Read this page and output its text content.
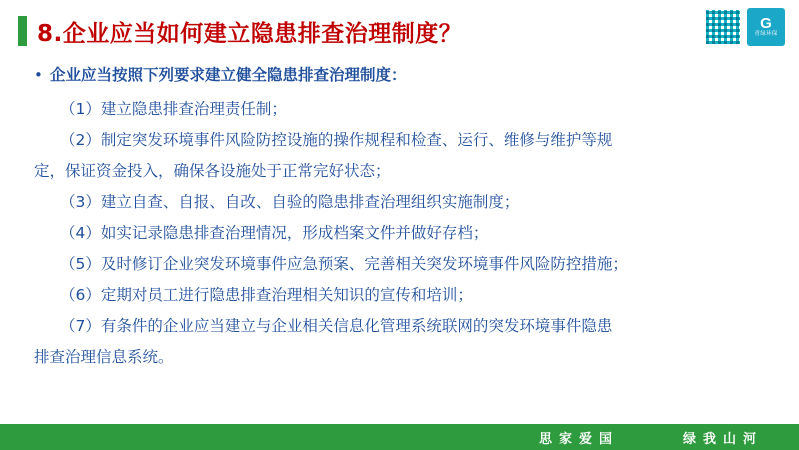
8.企业应当如何建立隐患排查治理制度？	G
青绿环保
• 企业应当按照下列要求建立健全隐患排查治理制度：

（1）建立隐患排查治理责任制；

（2）制定突发环境事件风险防控设施的操作规程和检查、运行、维修与维护等规

定，保证资金投入，确保各设施处于正常完好状态；

（3）建立自查、自报、自改、自验的隐患排查治理组织实施制度；

（4）如实记录隐患排查治理情况，形成档案文件并做好存档；

（5）及时修订企业突发环境事件应急预案、完善相关突发环境事件风险防控措施；

（6）定期对员工进行隐患排查治理相关知识的宣传和培训；

（7）有条件的企业应当建立与企业相关信息化管理系统联网的突发环境事件隐患

排查治理信息系统。

思家爱国	绿我山河
